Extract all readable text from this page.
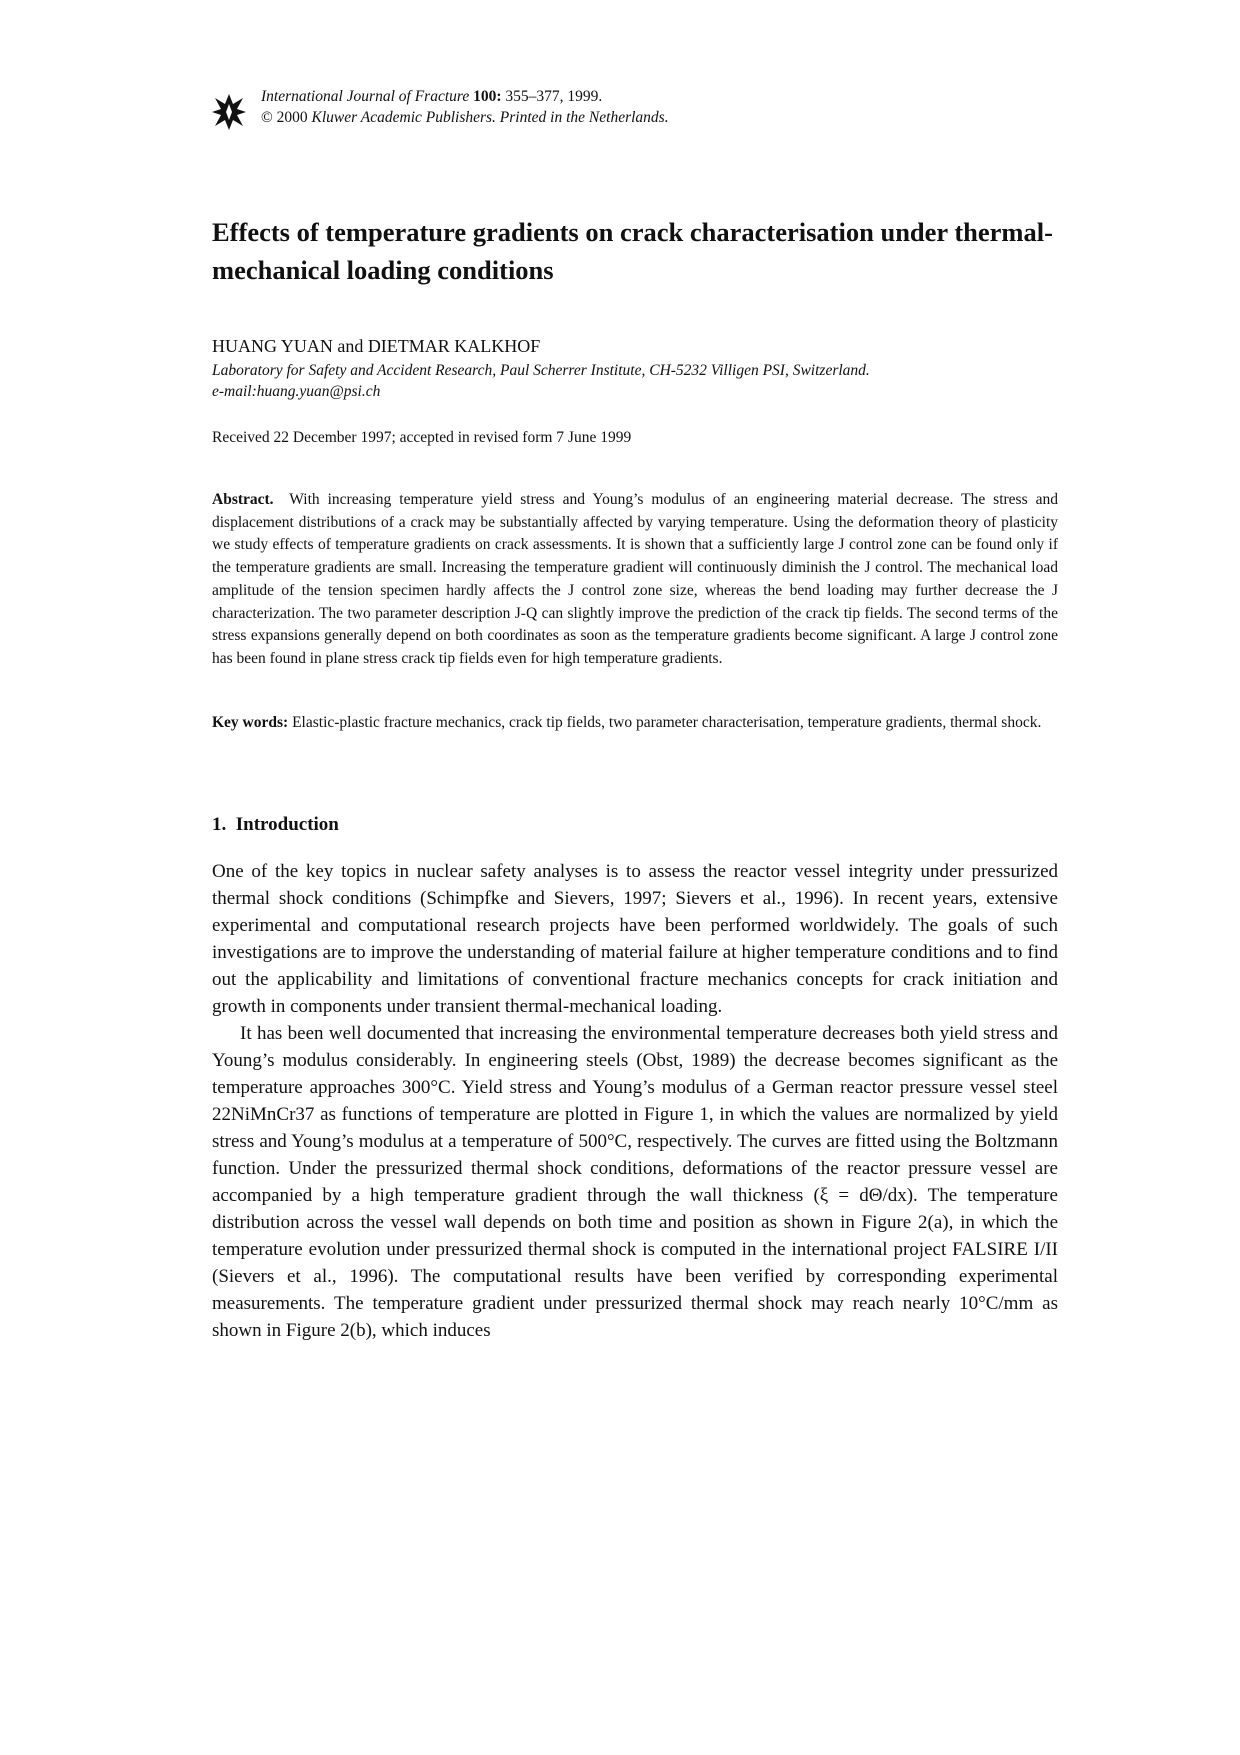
International Journal of Fracture 100: 355–377, 1999.
© 2000 Kluwer Academic Publishers. Printed in the Netherlands.
Effects of temperature gradients on crack characterisation under thermal-mechanical loading conditions
HUANG YUAN and DIETMAR KALKHOF
Laboratory for Safety and Accident Research, Paul Scherrer Institute, CH-5232 Villigen PSI, Switzerland.
e-mail:huang.yuan@psi.ch
Received 22 December 1997; accepted in revised form 7 June 1999

Abstract. With increasing temperature yield stress and Young’s modulus of an engineering material decrease. The stress and displacement distributions of a crack may be substantially affected by varying temperature. Using the deformation theory of plasticity we study effects of temperature gradients on crack assessments. It is shown that a sufficiently large J control zone can be found only if the temperature gradients are small. Increasing the temperature gradient will continuously diminish the J control. The mechanical load amplitude of the tension specimen hardly affects the J control zone size, whereas the bend loading may further decrease the J characterization. The two parameter description J-Q can slightly improve the prediction of the crack tip fields. The second terms of the stress expansions generally depend on both coordinates as soon as the temperature gradients become significant. A large J control zone has been found in plane stress crack tip fields even for high temperature gradients.

Key words: Elastic-plastic fracture mechanics, crack tip fields, two parameter characterisation, temperature gradients, thermal shock.

1. Introduction

One of the key topics in nuclear safety analyses is to assess the reactor vessel integrity under pressurized thermal shock conditions (Schimpfke and Sievers, 1997; Sievers et al., 1996). In recent years, extensive experimental and computational research projects have been performed worldwidely. The goals of such investigations are to improve the understanding of material failure at higher temperature conditions and to find out the applicability and limitations of conventional fracture mechanics concepts for crack initiation and growth in components under transient thermal-mechanical loading.

It has been well documented that increasing the environmental temperature decreases both yield stress and Young’s modulus considerably. In engineering steels (Obst, 1989) the decrease becomes significant as the temperature approaches 300°C. Yield stress and Young’s modulus of a German reactor pressure vessel steel 22NiMnCr37 as functions of temperature are plotted in Figure 1, in which the values are normalized by yield stress and Young’s modulus at a temperature of 500°C, respectively. The curves are fitted using the Boltzmann function. Under the pressurized thermal shock conditions, deformations of the reactor pressure vessel are accompanied by a high temperature gradient through the wall thickness (ξ = dΘ/dx). The temperature distribution across the vessel wall depends on both time and position as shown in Figure 2(a), in which the temperature evolution under pressurized thermal shock is computed in the international project FALSIRE I/II (Sievers et al., 1996). The computational results have been verified by corresponding experimental measurements. The temperature gradient under pressurized thermal shock may reach nearly 10°C/mm as shown in Figure 2(b), which induces
